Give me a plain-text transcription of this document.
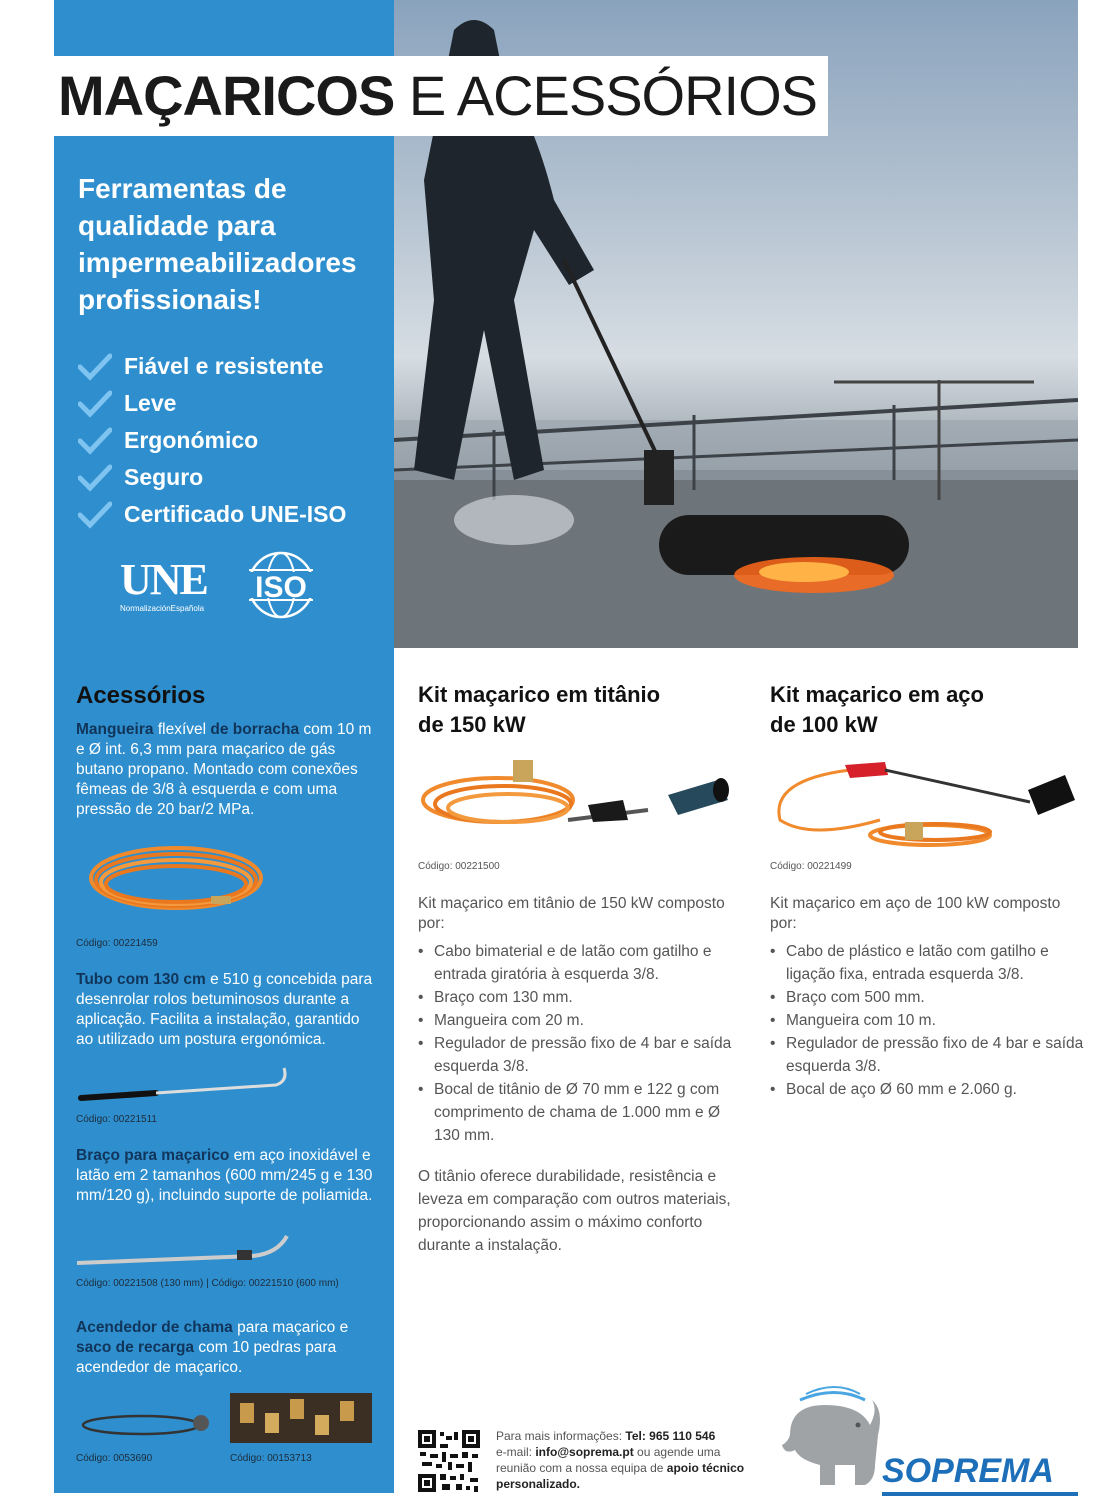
MAÇARICOS E ACESSÓRIOS
Ferramentas de qualidade para impermeabilizadores profissionais!
Fiável e resistente
Leve
Ergonómico
Seguro
Certificado UNE-ISO
UNE
NormalizaciónEspañola
ISO
Acessórios
Mangueira flexível de borracha com 10 m e Ø int. 6,3 mm para maçarico de gás butano propano. Montado com conexões fêmeas de 3/8 à esquerda e com uma pressão de 20 bar/2 MPa.
Código: 00221459
Tubo com 130 cm e 510 g concebida para desenrolar rolos betuminosos durante a aplicação. Facilita a instalação, garantido ao utilizado um postura ergonómica.
Código: 00221511
Braço para maçarico em aço inoxidável e latão em 2 tamanhos (600 mm/245 g e 130 mm/120 g), incluindo suporte de poliamida.
Código: 00221508 (130 mm) | Código: 00221510 (600 mm)
Acendedor de chama para maçarico e saco de recarga com 10 pedras para acendedor de maçarico.
Código: 0053690	Código: 00153713
Kit maçarico em titânio
de 150 kW
Código: 00221500
Kit maçarico em titânio de 150 kW composto por:
• Cabo bimaterial e de latão com gatilho e entrada giratória à esquerda 3/8.
• Braço com 130 mm.
• Mangueira com 20 m.
• Regulador de pressão fixo de 4 bar e saída esquerda 3/8.
• Bocal de titânio de Ø 70 mm e 122 g com comprimento de chama de 1.000 mm e Ø 130 mm.
O titânio oferece durabilidade, resistência e leveza em comparação com outros materiais, proporcionando assim o máximo conforto durante a instalação.
Kit maçarico em aço
de 100 kW
Código: 00221499
Kit maçarico em aço de 100 kW composto por:
• Cabo de plástico e latão com gatilho e ligação fixa, entrada esquerda 3/8.
• Braço com 500 mm.
• Mangueira com 10 m.
• Regulador de pressão fixo de 4 bar e saída esquerda 3/8.
• Bocal de aço Ø 60 mm e 2.060 g.
Para mais informações: Tel: 965 110 546
e-mail: info@soprema.pt ou agende uma
reunião com a nossa equipa de apoio técnico
personalizado.	SOPREMA
